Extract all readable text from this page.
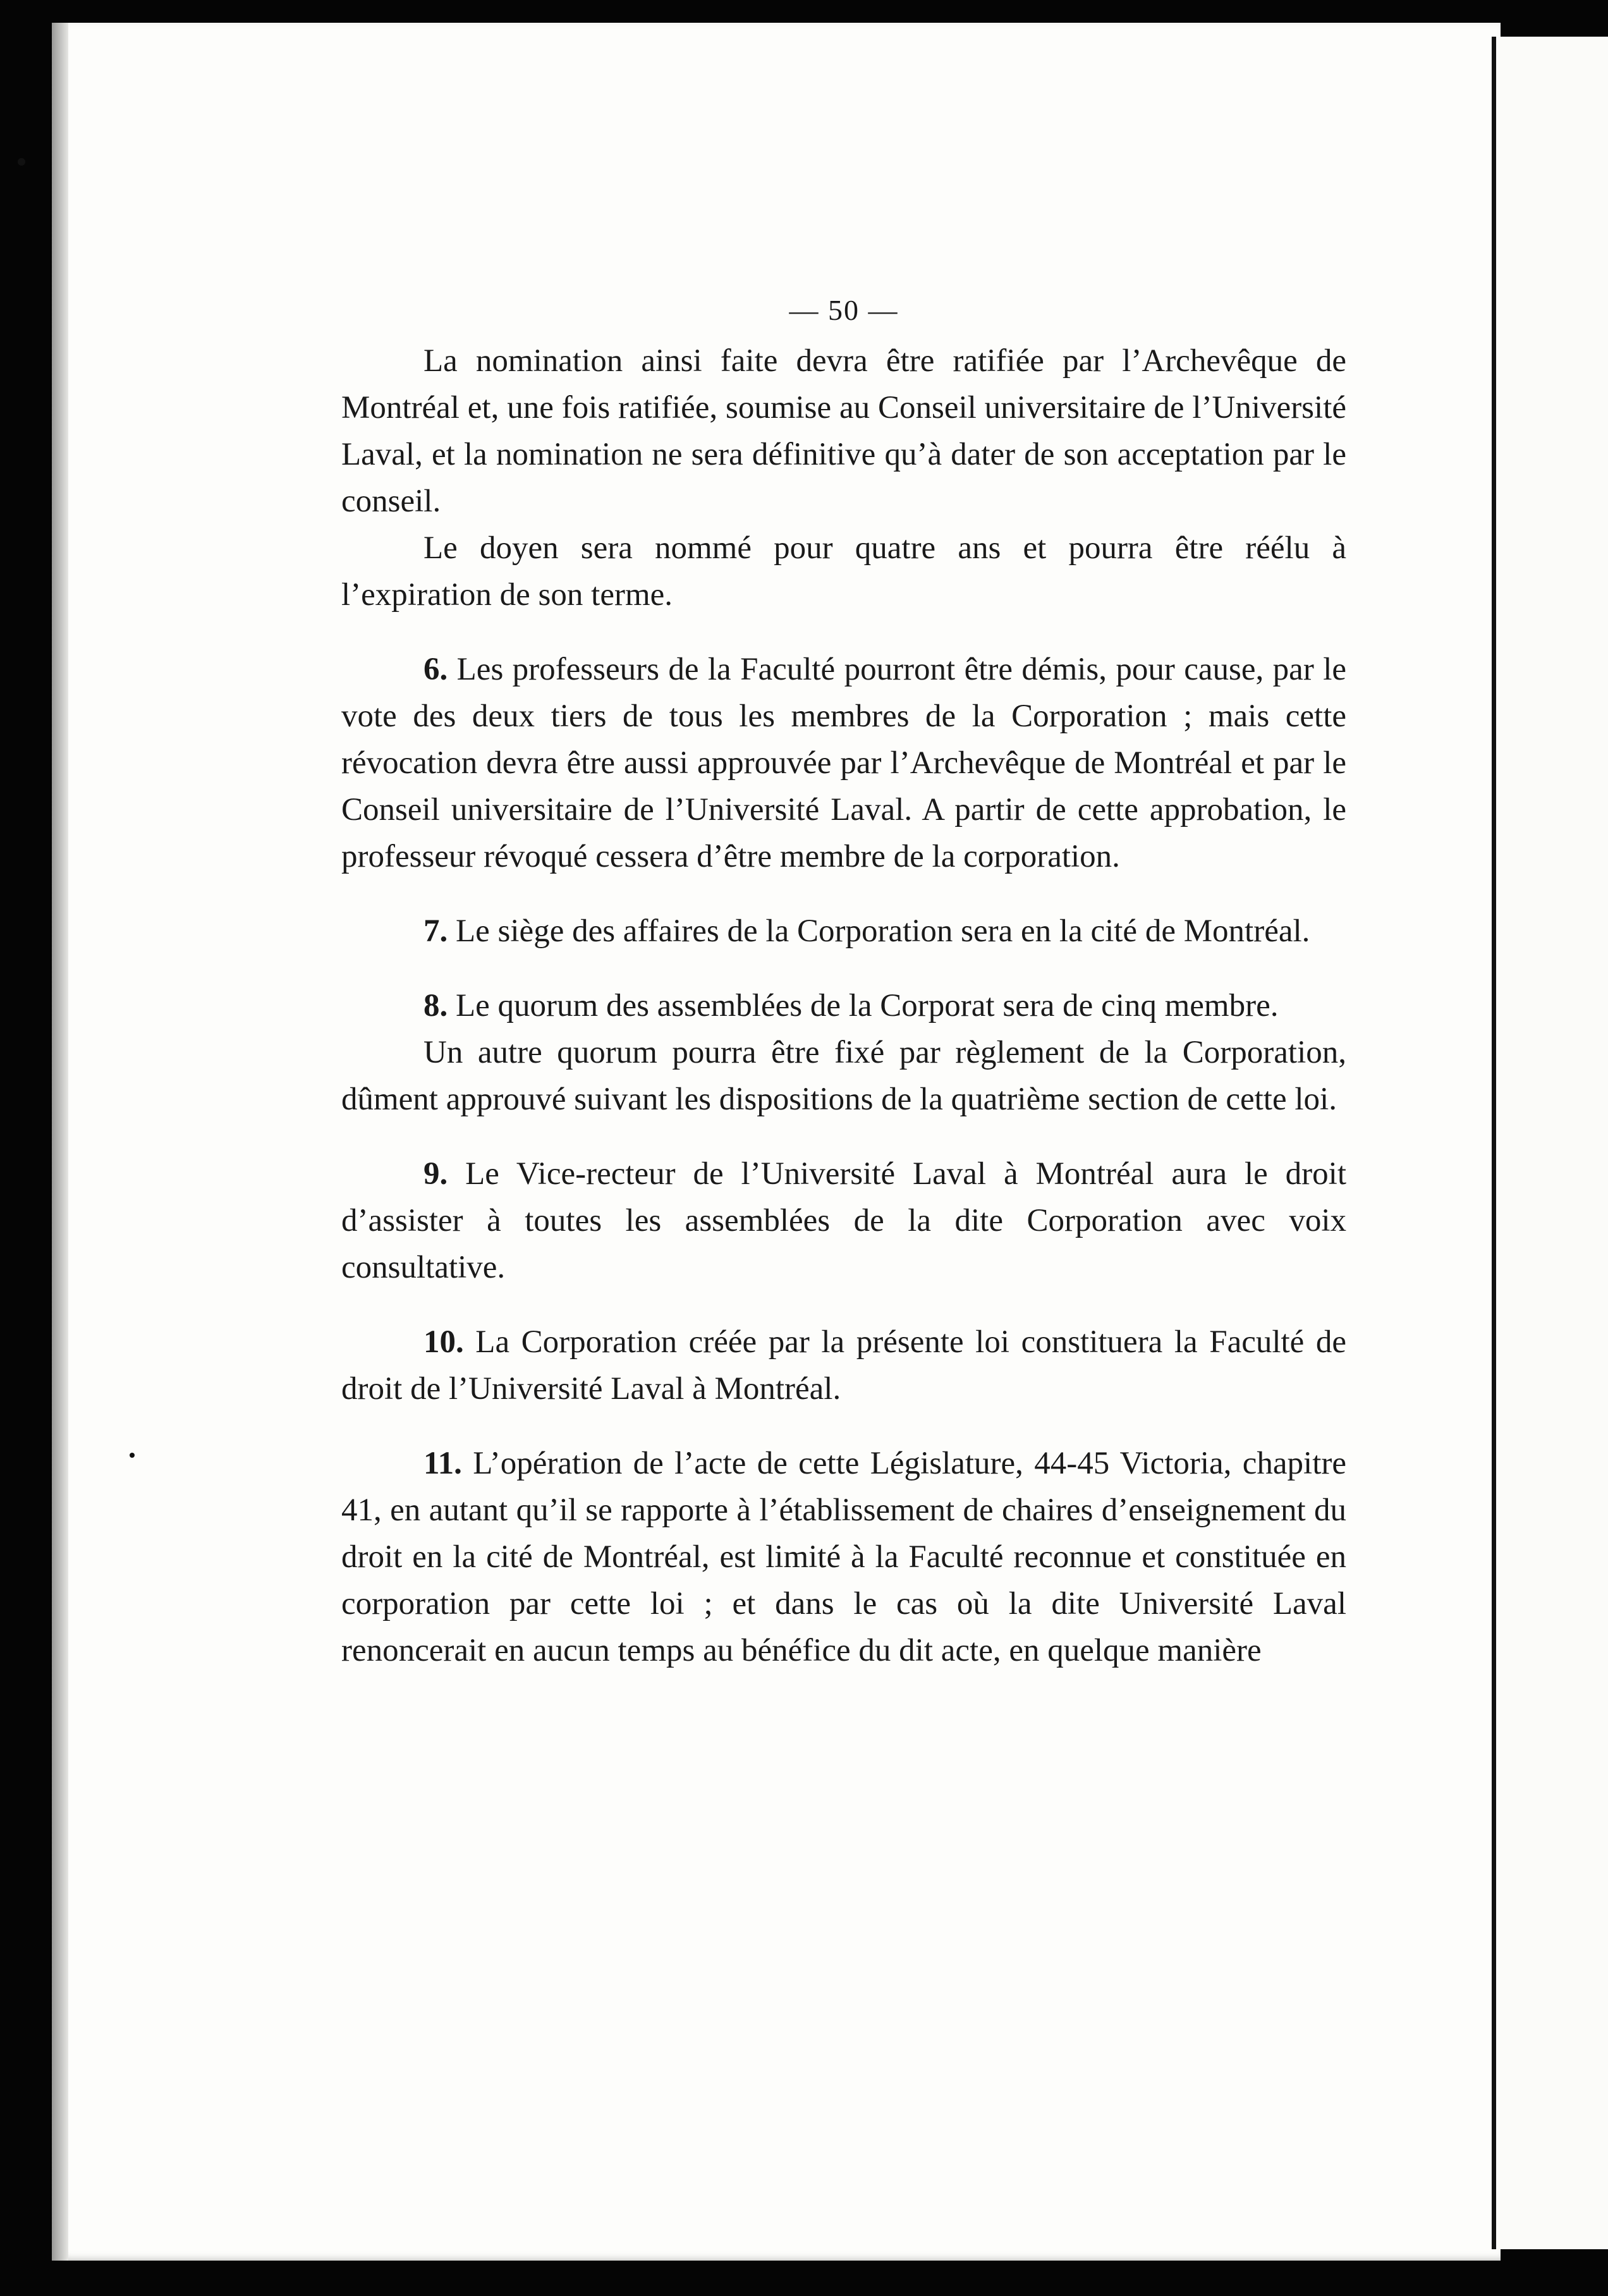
— 50 —

La nomination ainsi faite devra être ratifiée par l’Archevêque de Montréal et, une fois ratifiée, soumise au Conseil universitaire de l’Université Laval, et la nomination ne sera définitive qu’à dater de son acceptation par le conseil.

Le doyen sera nommé pour quatre ans et pourra être réélu à l’expiration de son terme.

6. Les professeurs de la Faculté pourront être démis, pour cause, par le vote des deux tiers de tous les membres de la Corporation ; mais cette révocation devra être aussi approuvée par l’Archevêque de Montréal et par le Conseil universitaire de l’Université Laval. A partir de cette approbation, le professeur révoqué cessera d’être membre de la corporation.

7. Le siège des affaires de la Corporation sera en la cité de Montréal.

8. Le quorum des assemblées de la Corporat sera de cinq membre.

Un autre quorum pourra être fixé par règlement de la Corporation, dûment approuvé suivant les dispositions de la quatrième section de cette loi.

9. Le Vice-recteur de l’Université Laval à Montréal aura le droit d’assister à toutes les assemblées de la dite Corporation avec voix consultative.

10. La Corporation créée par la présente loi constituera la Faculté de droit de l’Université Laval à Montréal.

11. L’opération de l’acte de cette Législature, 44-45 Victoria, chapitre 41, en autant qu’il se rapporte à l’établissement de chaires d’enseignement du droit en la cité de Montréal, est limité à la Faculté reconnue et constituée en corporation par cette loi ; et dans le cas où la dite Université Laval renoncerait en aucun temps au bénéfice du dit acte, en quelque manière
